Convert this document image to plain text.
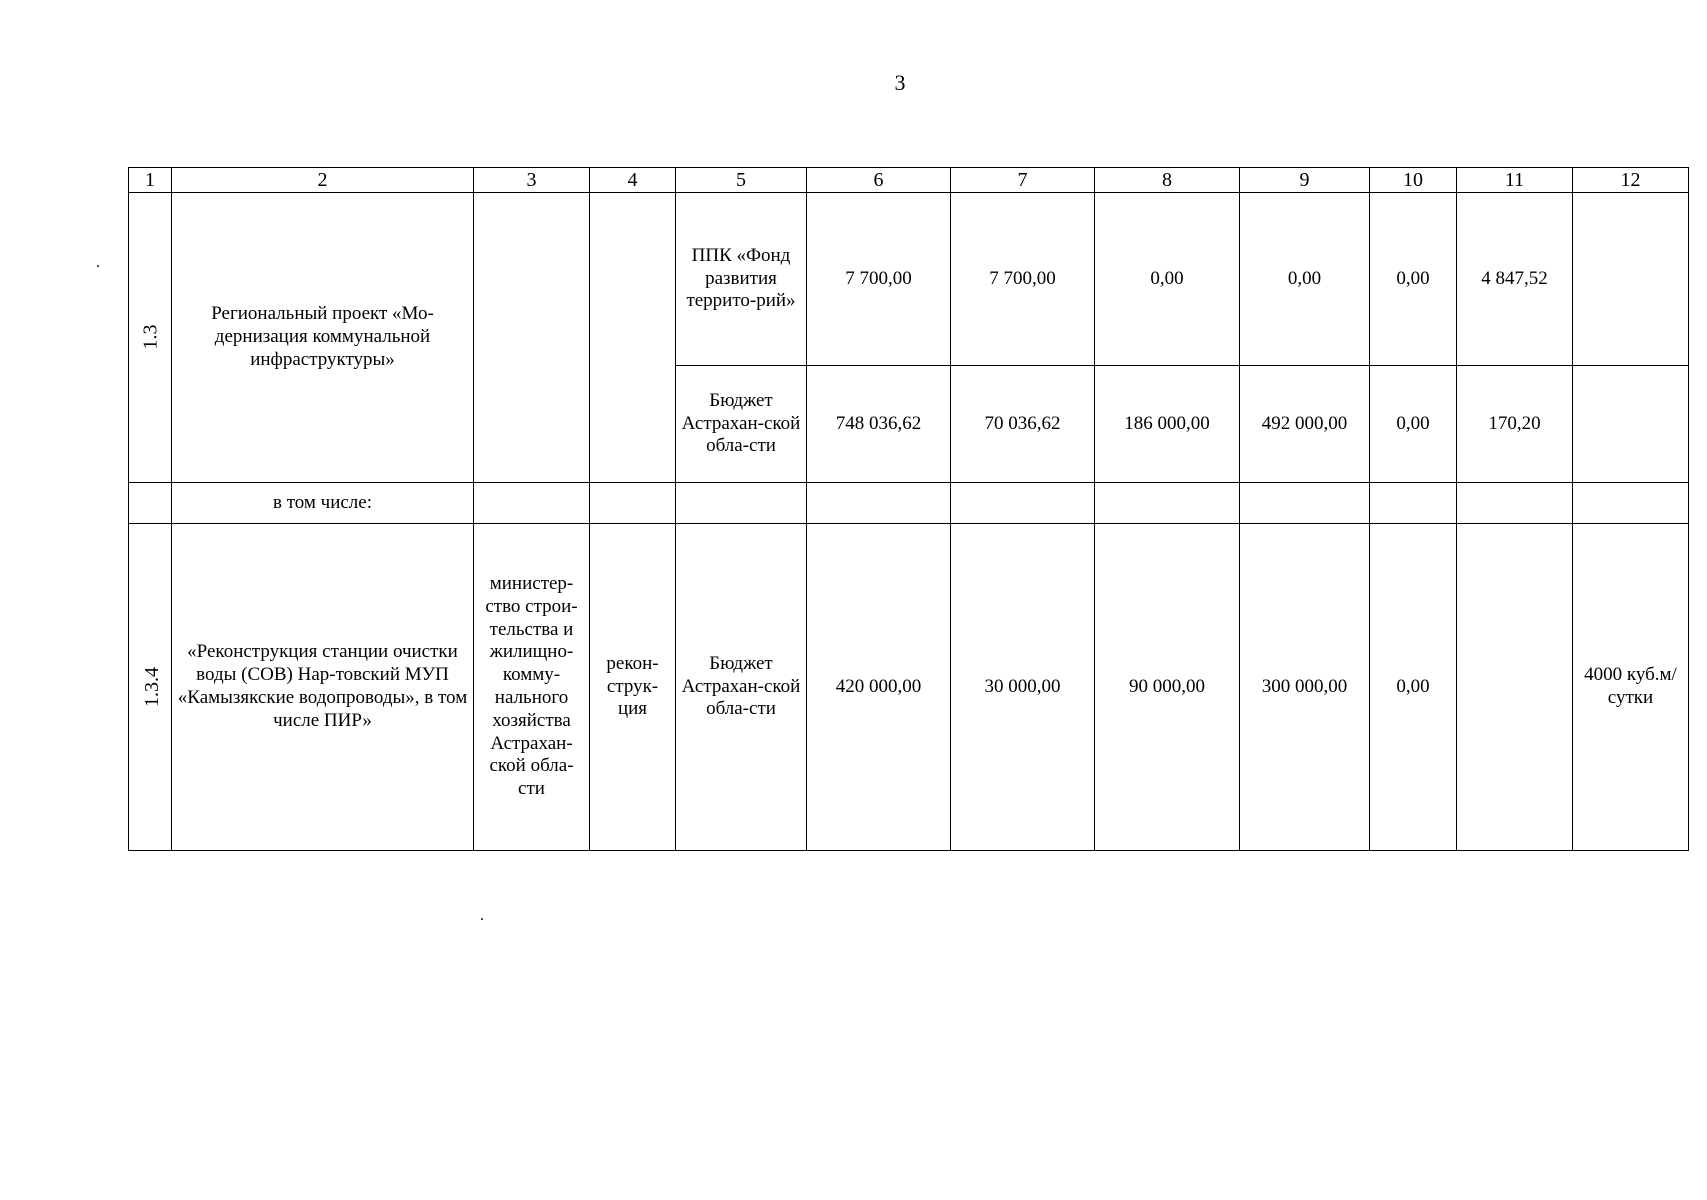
3
.
.
1	2	3	4	5	6	7	8	9	10	11	12
1.3	Региональный проект «Мо-дернизация коммунальной инфраструктуры»			ППК «Фонд развития террито-рий»	7 700,00	7 700,00	0,00	0,00	0,00	4 847,52	
				Бюджет Астрахан-ской обла-сти	748 036,62	70 036,62	186 000,00	492 000,00	0,00	170,20	
	в том числе:										
1.3.4	«Реконструкция станции очистки воды (СОВ) Нар-товский МУП «Камызякские водопроводы», в том числе ПИР»	министер-ство строи-тельства и жилищно-комму-нального хозяйства Астрахан-ской обла-сти	рекон-струк-ция	Бюджет Астрахан-ской обла-сти	420 000,00	30 000,00	90 000,00	300 000,00	0,00		4000 куб.м/ сутки
